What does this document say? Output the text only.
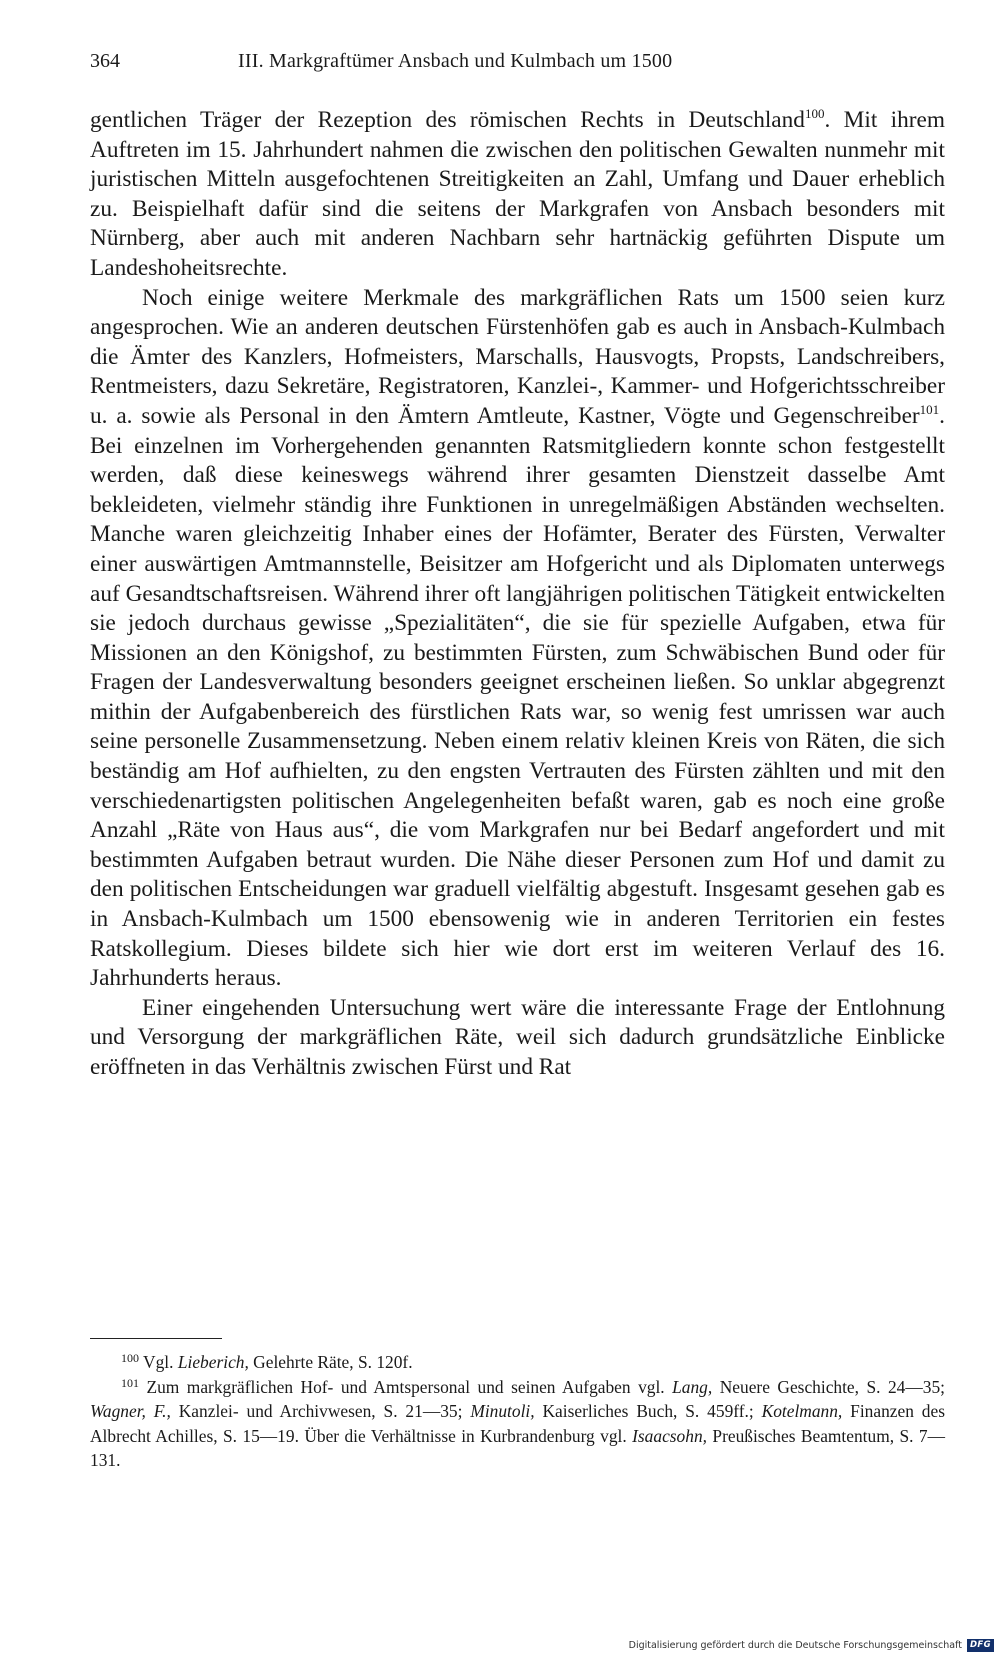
364	III. Markgraftümer Ansbach und Kulmbach um 1500

gentlichen Träger der Rezeption des römischen Rechts in Deutschland$^{100}$. Mit ihrem Auftreten im 15. Jahrhundert nahmen die zwischen den politischen Gewalten nunmehr mit juristischen Mitteln ausgefochtenen Streitigkeiten an Zahl, Umfang und Dauer erheblich zu. Beispielhaft dafür sind die seitens der Markgrafen von Ansbach besonders mit Nürnberg, aber auch mit anderen Nachbarn sehr hartnäckig geführten Dispute um Landeshoheitsrechte.

Noch einige weitere Merkmale des markgräflichen Rats um 1500 seien kurz angesprochen. Wie an anderen deutschen Fürstenhöfen gab es auch in Ansbach-Kulmbach die Ämter des Kanzlers, Hofmeisters, Marschalls, Hausvogts, Propsts, Landschreibers, Rentmeisters, dazu Sekretäre, Registratoren, Kanzlei-, Kammer- und Hofgerichtsschreiber u. a. sowie als Personal in den Ämtern Amtleute, Kastner, Vögte und Gegenschreiber$^{101}$. Bei einzelnen im Vorhergehenden genannten Ratsmitgliedern konnte schon festgestellt werden, daß diese keineswegs während ihrer gesamten Dienstzeit dasselbe Amt bekleideten, vielmehr ständig ihre Funktionen in unregelmäßigen Abständen wechselten. Manche waren gleichzeitig Inhaber eines der Hofämter, Berater des Fürsten, Verwalter einer auswärtigen Amtmannstelle, Beisitzer am Hofgericht und als Diplomaten unterwegs auf Gesandtschaftsreisen. Während ihrer oft langjährigen politischen Tätigkeit entwickelten sie jedoch durchaus gewisse „Spezialitäten“, die sie für spezielle Aufgaben, etwa für Missionen an den Königshof, zu bestimmten Fürsten, zum Schwäbischen Bund oder für Fragen der Landesverwaltung besonders geeignet erscheinen ließen. So unklar abgegrenzt mithin der Aufgabenbereich des fürstlichen Rats war, so wenig fest umrissen war auch seine personelle Zusammensetzung. Neben einem relativ kleinen Kreis von Räten, die sich beständig am Hof aufhielten, zu den engsten Vertrauten des Fürsten zählten und mit den verschiedenartigsten politischen Angelegenheiten befaßt waren, gab es noch eine große Anzahl „Räte von Haus aus“, die vom Markgrafen nur bei Bedarf angefordert und mit bestimmten Aufgaben betraut wurden. Die Nähe dieser Personen zum Hof und damit zu den politischen Entscheidungen war graduell vielfältig abgestuft. Insgesamt gesehen gab es in Ansbach-Kulmbach um 1500 ebensowenig wie in anderen Territorien ein festes Ratskollegium. Dieses bildete sich hier wie dort erst im weiteren Verlauf des 16. Jahrhunderts heraus.

Einer eingehenden Untersuchung wert wäre die interessante Frage der Entlohnung und Versorgung der markgräflichen Räte, weil sich dadurch grundsätzliche Einblicke eröffneten in das Verhältnis zwischen Fürst und Rat

$^{100}$ Vgl. Lieberich, Gelehrte Räte, S. 120f.

$^{101}$ Zum markgräflichen Hof- und Amtspersonal und seinen Aufgaben vgl. Lang, Neuere Geschichte, S. 24—35; Wagner, F., Kanzlei- und Archivwesen, S. 21—35; Minutoli, Kaiserliches Buch, S. 459ff.; Kotelmann, Finanzen des Albrecht Achilles, S. 15—19. Über die Verhältnisse in Kurbrandenburg vgl. Isaacsohn, Preußisches Beamtentum, S. 7—131.

Digitalisierung gefördert durch die Deutsche Forschungsgemeinschaft DFG
